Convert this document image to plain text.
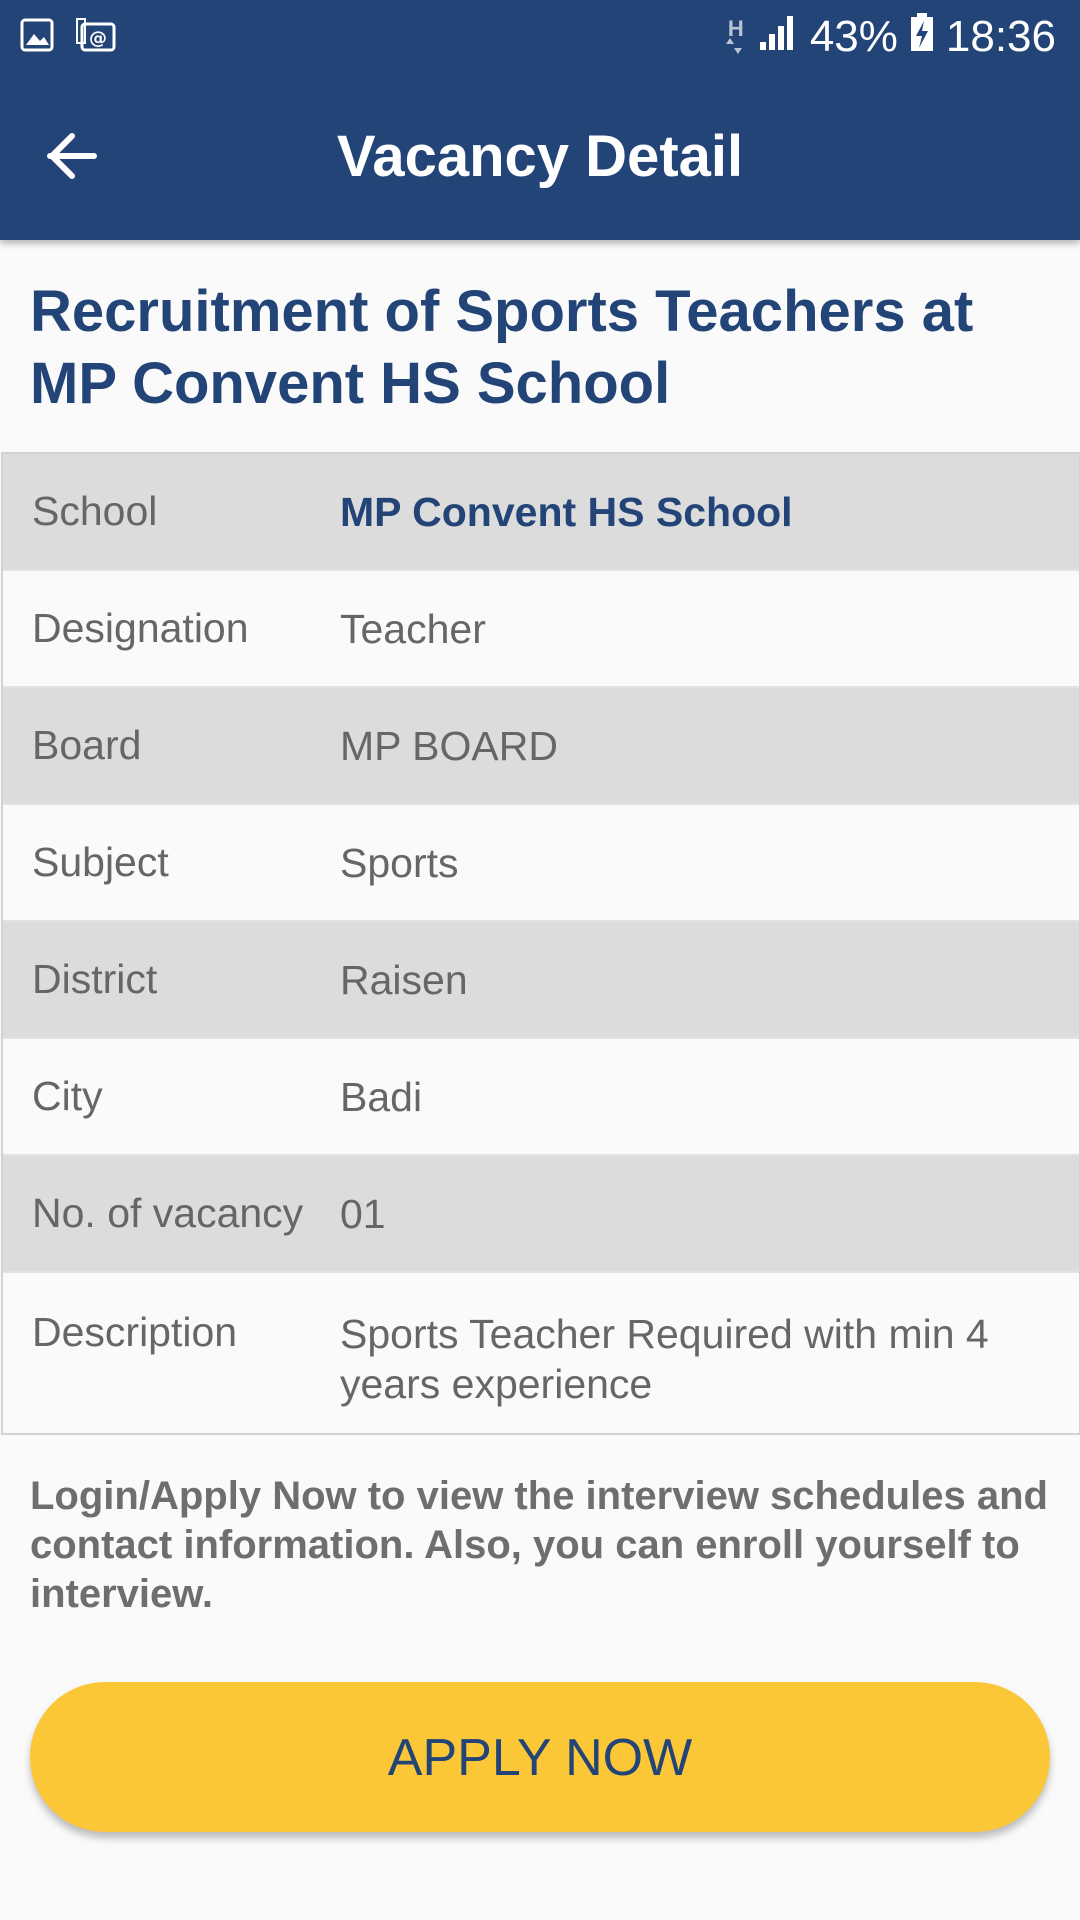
@	H 43% 18:36
Vacancy Detail
Recruitment of Sports Teachers at MP Convent HS School
School	MP Convent HS School
Designation	Teacher
Board	MP BOARD
Subject	Sports
District	Raisen
City	Badi
No. of vacancy 01
Description	Sports Teacher Required with min 4 years experience
Login/Apply Now to view the interview schedules and contact information. Also, you can enroll yourself to interview.
APPLY NOW
